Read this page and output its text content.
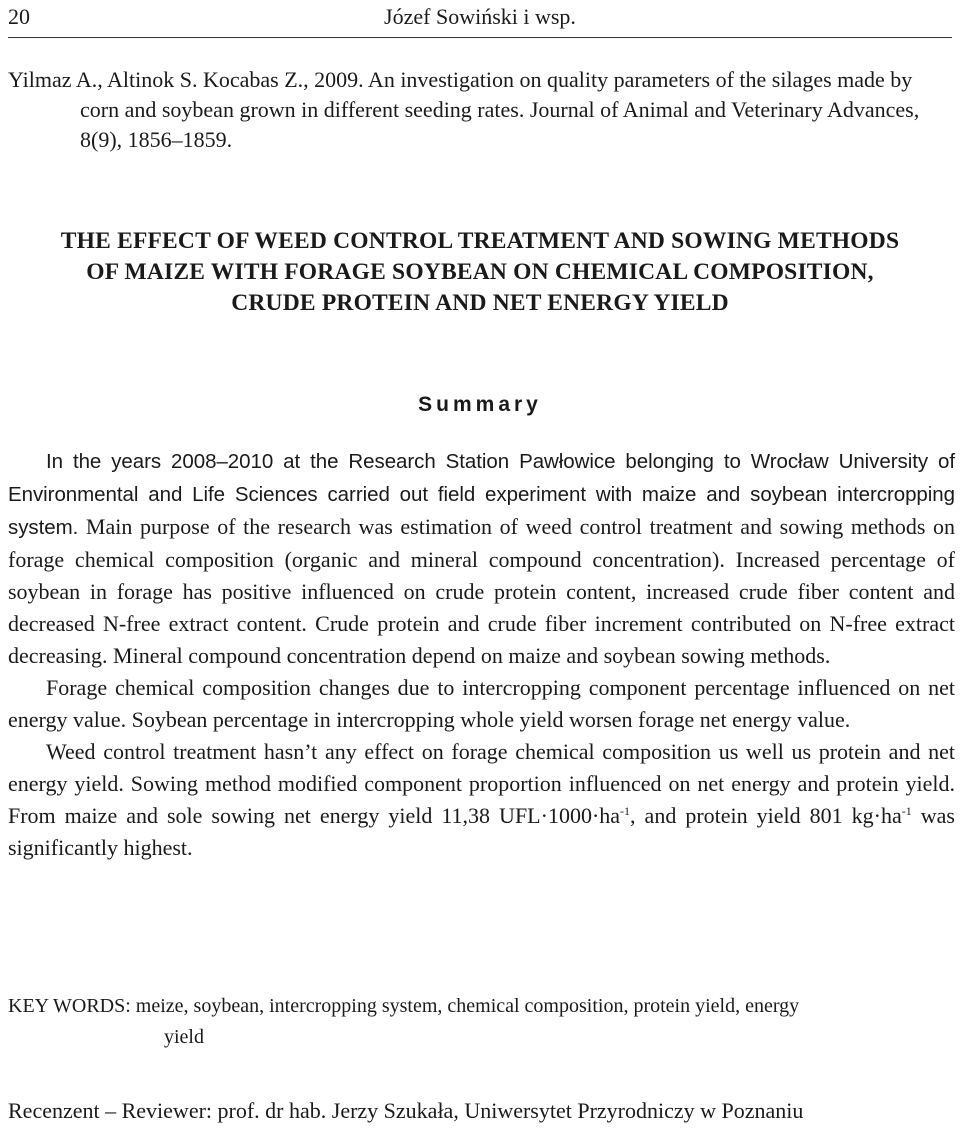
20	Józef Sowiński i wsp.
Yilmaz A., Altinok S. Kocabas Z., 2009. An investigation on quality parameters of the silages made by corn and soybean grown in different seeding rates. Journal of Animal and Veterinary Advances, 8(9), 1856–1859.
THE EFFECT OF WEED CONTROL TREATMENT AND SOWING METHODS
OF MAIZE WITH FORAGE SOYBEAN ON CHEMICAL COMPOSITION,
CRUDE PROTEIN AND NET ENERGY YIELD
Summary

In the years 2008–2010 at the Research Station Pawłowice belonging to Wrocław University of Environmental and Life Sciences carried out field experiment with maize and soybean intercropping system. Main purpose of the research was estimation of weed control treatment and sowing methods on forage chemical composition (organic and mineral compound concentration). Increased percentage of soybean in forage has positive influenced on crude protein content, increased crude fiber content and decreased N-free extract content. Crude protein and crude fiber increment contributed on N-free extract decreasing. Mineral compound concentration depend on maize and soybean sowing methods.

Forage chemical composition changes due to intercropping component percentage influenced on net energy value. Soybean percentage in intercropping whole yield worsen forage net energy value.

Weed control treatment hasn’t any effect on forage chemical composition us well us protein and net energy yield. Sowing method modified component proportion influenced on net energy and protein yield. From maize and sole sowing net energy yield 11,38 $UFL\cdot 1000\cdot ha^{-1}$, and protein yield 801 $kg\cdot ha^{-1}$ was significantly highest.

KEY WORDS: meize, soybean, intercropping system, chemical composition, protein yield, energy
yield
Recenzent – Reviewer: prof. dr hab. Jerzy Szukała, Uniwersytet Przyrodniczy w Poznaniu
